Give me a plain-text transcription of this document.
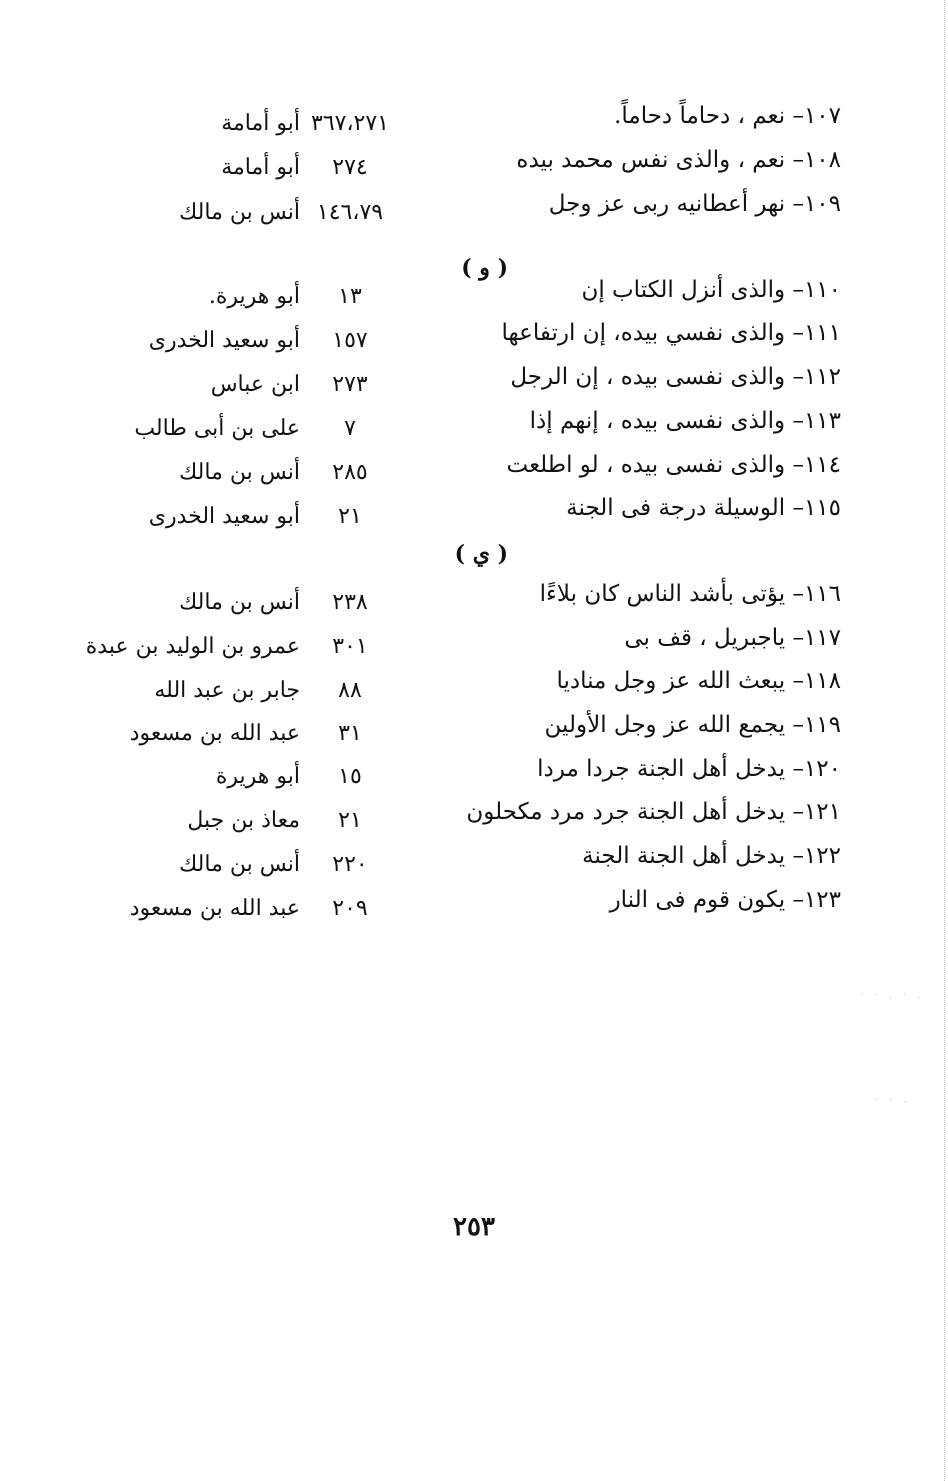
( و )
( ي )
١٠٧– نعم ، دحاماً دحاماً.
١٠٨– نعم ، والذى نفس محمد بيده
١٠٩– نهر أعطانيه ربى عز وجل
١١٠– والذى أنزل الكتاب إن
١١١– والذى نفسي بيده، إن ارتفاعها
١١٢– والذى نفسى بيده ، إن الرجل
١١٣– والذى نفسى بيده ، إنهم إذا
١١٤– والذى نفسى بيده ، لو اطلعت
١١٥– الوسيلة درجة فى الجنة
١١٦– يؤتى بأشد الناس كان بلاءًا
١١٧– ياجبريل ، قف بى
١١٨– يبعث الله عز وجل مناديا
١١٩– يجمع الله عز وجل الأولين
١٢٠– يدخل أهل الجنة جردا مردا
١٢١– يدخل أهل الجنة جرد مرد مكحلون
١٢٢– يدخل أهل الجنة الجنة
١٢٣– يكون قوم فى النار
٣٦٧،٢٧١
أبو أمامة
٢٧٤
أبو أمامة
١٤٦،٧٩
أنس بن مالك
١٣
أبو هريرة.
١٥٧
أبو سعيد الخدرى
٢٧٣
ابن عباس
٧
على بن أبى طالب
٢٨٥
أنس بن مالك
٢١
أبو سعيد الخدرى
٢٣٨
أنس بن مالك
٣٠١
عمرو بن الوليد بن عبدة
٨٨
جابر بن عبد الله
٣١
عبد الله بن مسعود
١٥
أبو هريرة
٢١
معاذ بن جبل
٢٢٠
أنس بن مالك
٢٠٩
عبد الله بن مسعود
٢٥٣
· · . · .
· · .
